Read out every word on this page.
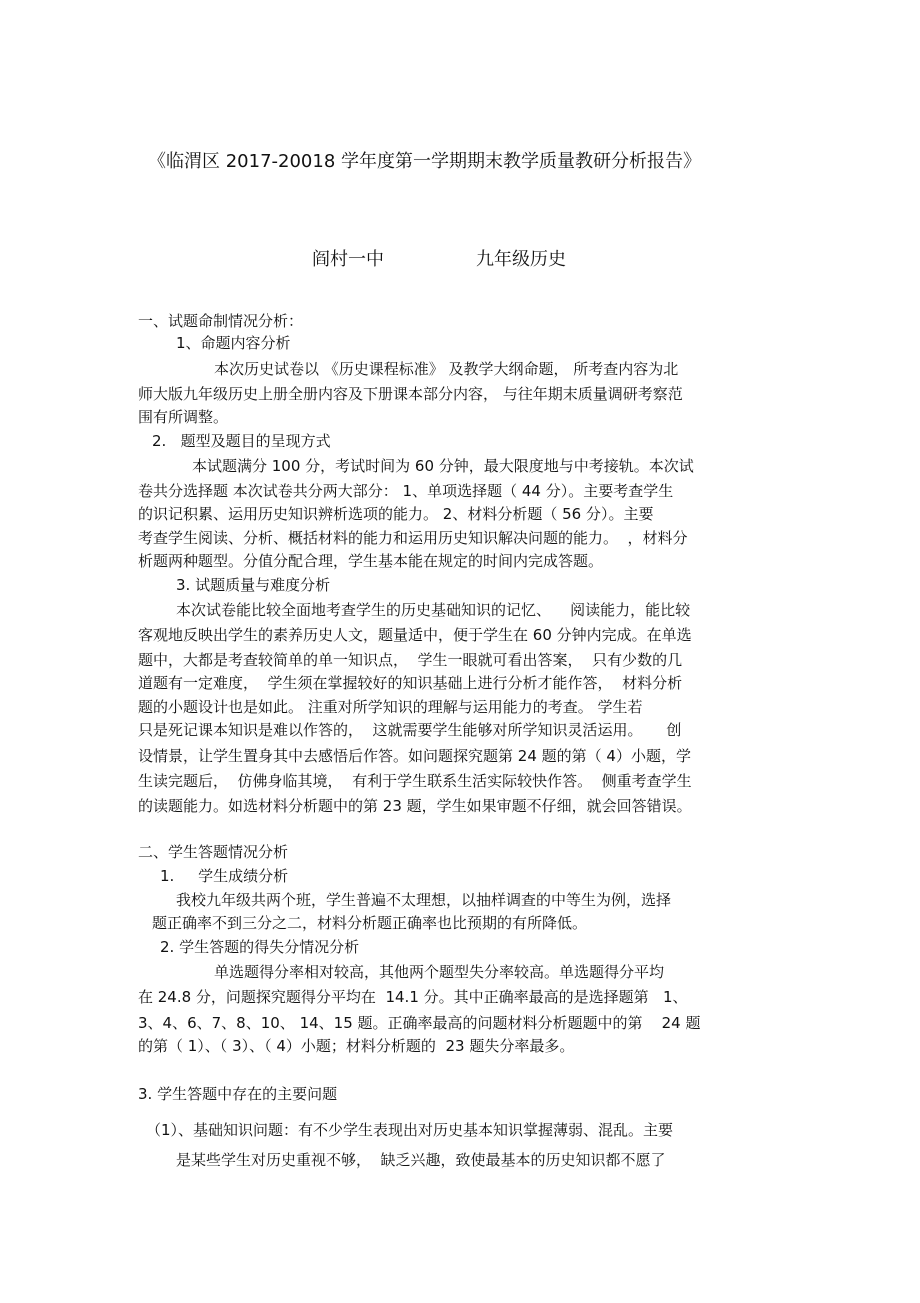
《临渭区 2017-20018 学年度第一学期期末教学质量教研分析报告》
阎村一中	九年级历史
一、试题命制情况分析：
1、命题内容分析
本次历史试卷以 《历史课程标准》 及教学大纲命题， 所考查内容为北
师大版九年级历史上册全册内容及下册课本部分内容， 与往年期末质量调研考察范
围有所调整。
2.   题型及题目的呈现方式
本试题满分 100 分，考试时间为 60 分钟，最大限度地与中考接轨。本次试
卷共分选择题 本次试卷共分两大部分： 1、单项选择题（ 44 分）。主要考查学生
的识记积累、运用历史知识辨析选项的能力。 2、材料分析题（ 56 分）。主要
考查学生阅读、分析、概括材料的能力和运用历史知识解决问题的能力。  ，材料分
析题两种题型。分值分配合理，学生基本能在规定的时间内完成答题。
3. 试题质量与难度分析
本次试卷能比较全面地考查学生的历史基础知识的记忆、    阅读能力，能比较
客观地反映出学生的素养历史人文，题量适中，便于学生在 60 分钟内完成。在单选
题中，大都是考查较简单的单一知识点，  学生一眼就可看出答案，  只有少数的几
道题有一定难度，  学生须在掌握较好的知识基础上进行分析才能作答，  材料分析
题的小题设计也是如此。 注重对所学知识的理解与运用能力的考查。 学生若
只是死记课本知识是难以作答的，  这就需要学生能够对所学知识灵活运用。     创
设情景，让学生置身其中去感悟后作答。如问题探究题第 24 题的第（ 4）小题，学
生读完题后，  仿佛身临其境，  有利于学生联系生活实际较快作答。  侧重考查学生
的读题能力。如选材料分析题中的第 23 题，学生如果审题不仔细，就会回答错误。
二、学生答题情况分析
1.     学生成绩分析
我校九年级共两个班，学生普遍不太理想，以抽样调查的中等生为例，选择
题正确率不到三分之二，材料分析题正确率也比预期的有所降低。
2. 学生答题的得失分情况分析
单选题得分率相对较高，其他两个题型失分率较高。单选题得分平均
在 24.8 分，问题探究题得分平均在  14.1 分。其中正确率最高的是选择题第   1、
3、4、6、7、8、10、 14、15 题。正确率最高的问题材料分析题题中的第    24 题
的第（ 1）、（ 3）、（ 4）小题；材料分析题的  23 题失分率最多。
3. 学生答题中存在的主要问题
（1）、基础知识问题：有不少学生表现出对历史基本知识掌握薄弱、混乱。主要
是某些学生对历史重视不够，  缺乏兴趣，致使最基本的历史知识都不愿了
